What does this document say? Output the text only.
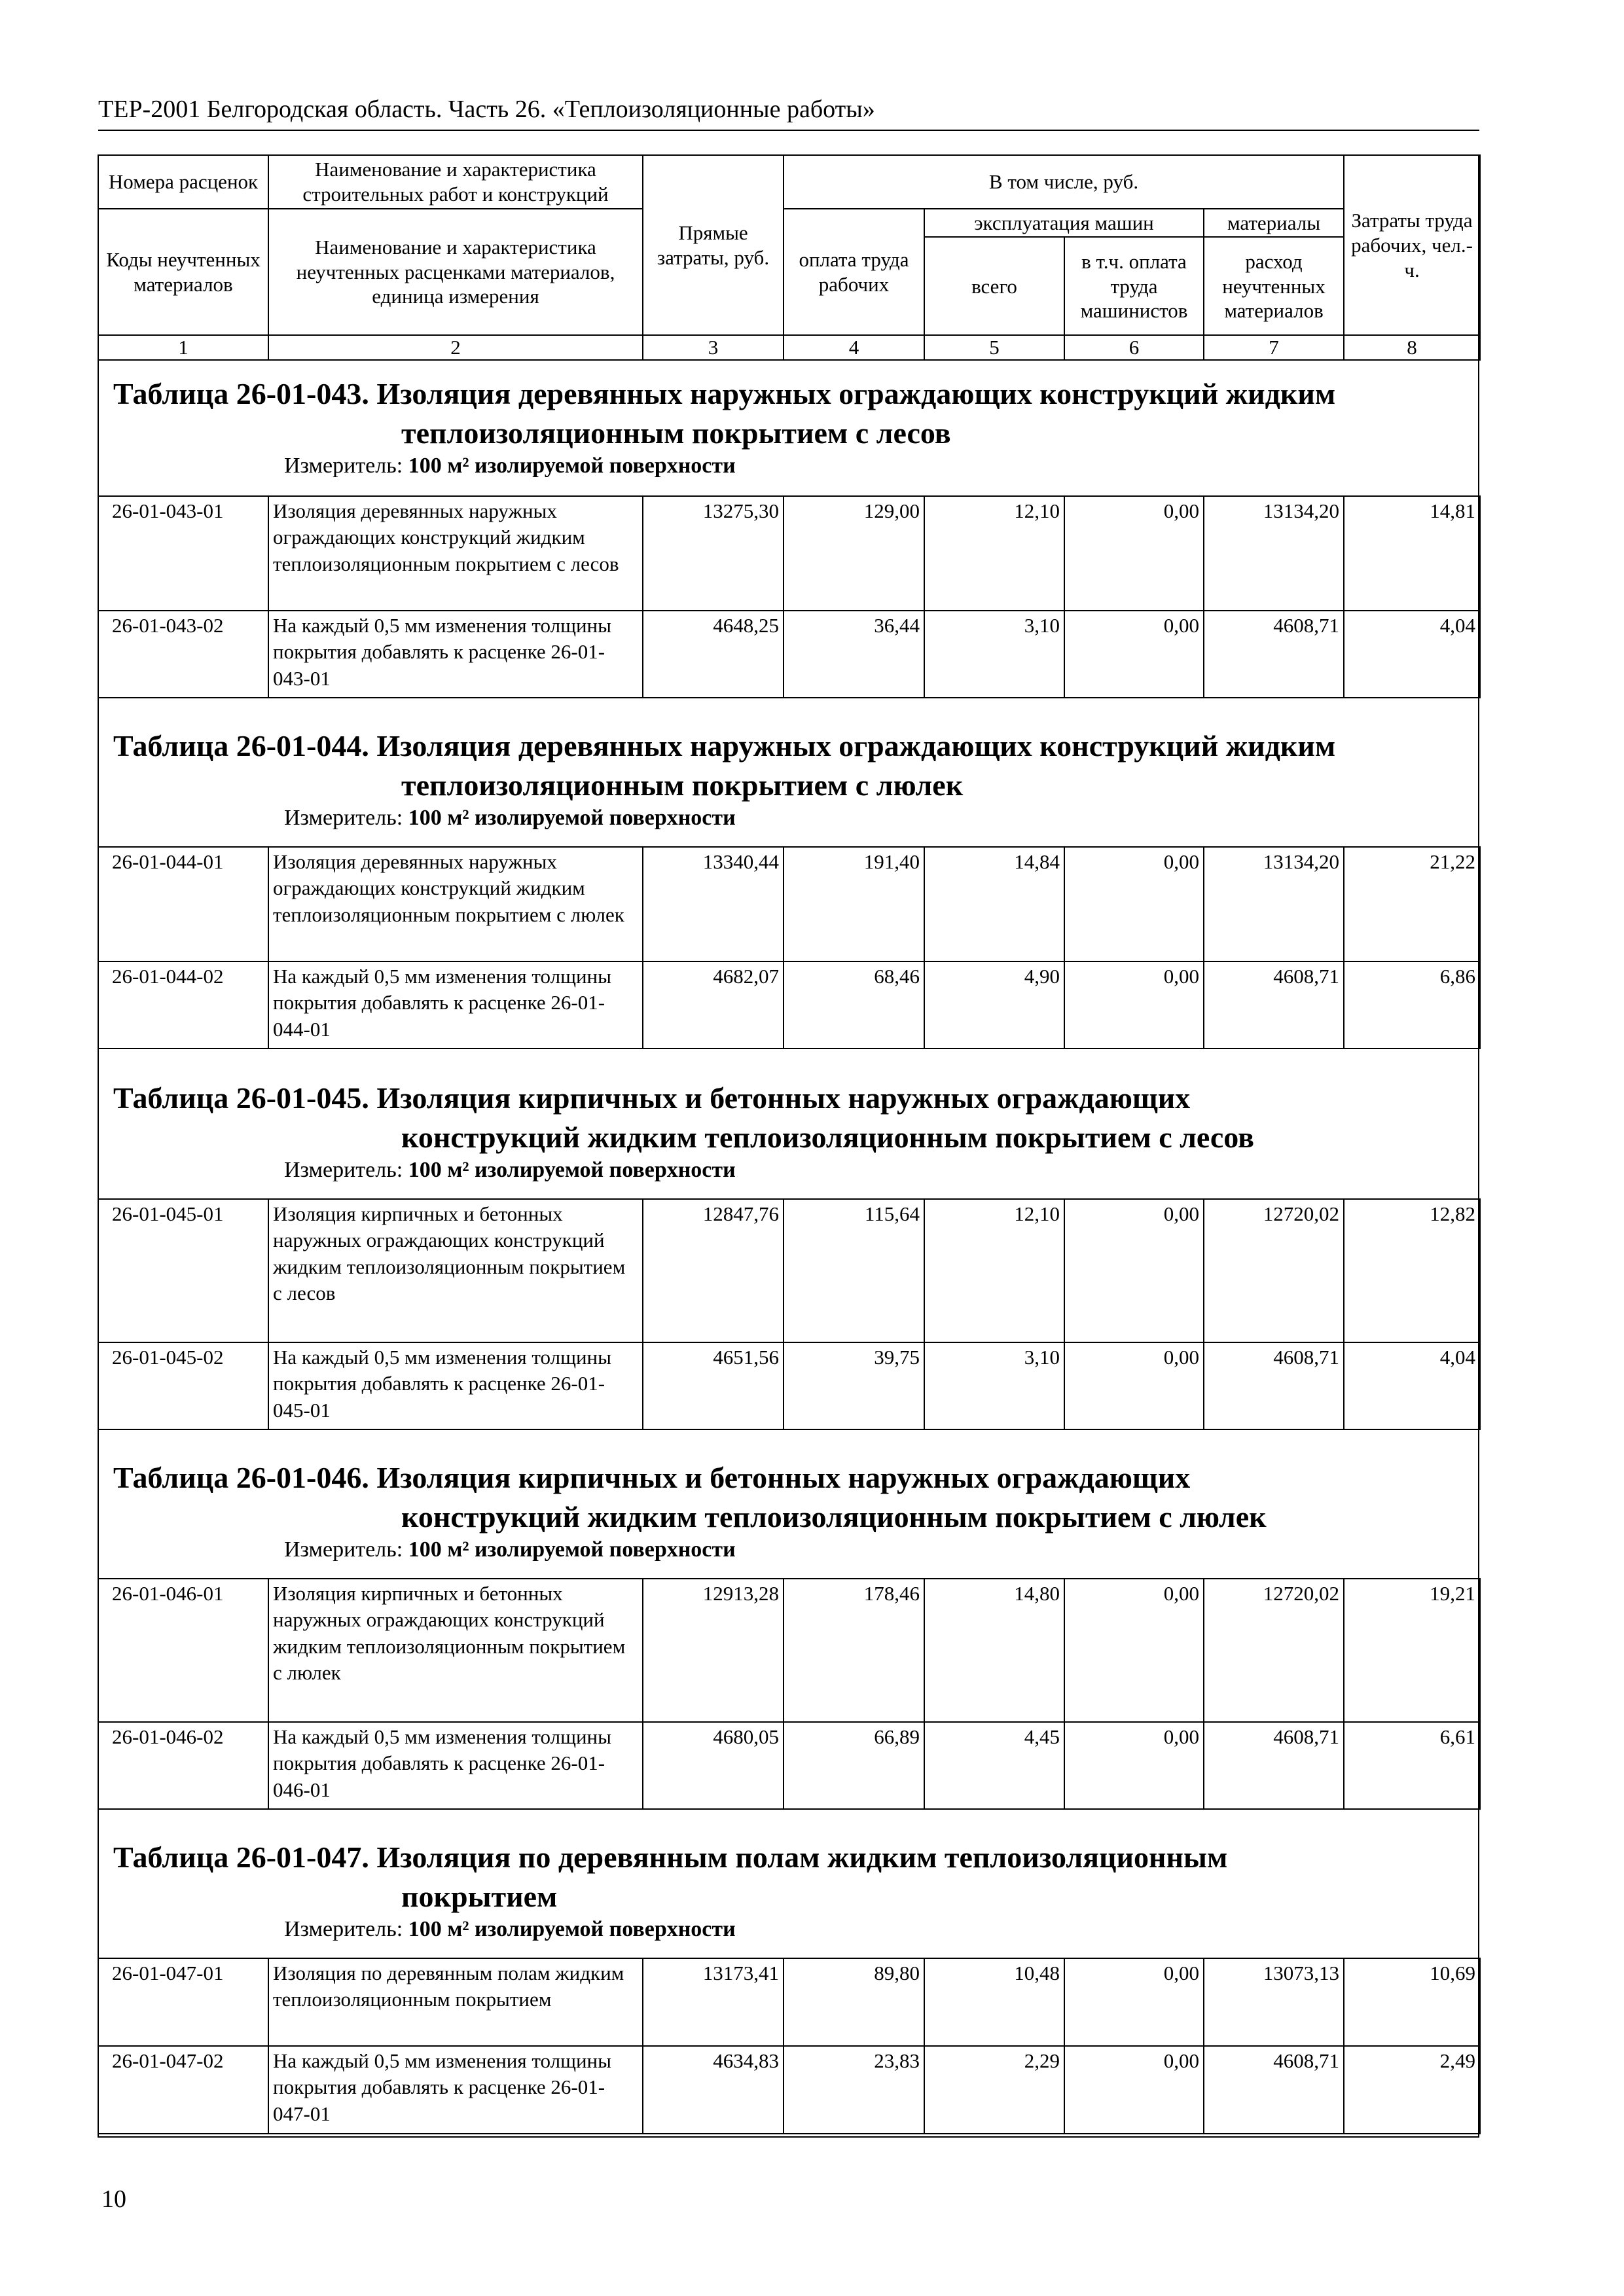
ТЕР-2001 Белгородская область. Часть 26. «Теплоизоляционные работы»
Номера расценок	Наименование и характеристика строительных работ и конструкций	Прямые затраты, руб.	В том числе, руб.				Затраты труда рабочих, чел.-ч.
Коды неучтенных материалов	Наименование и характеристика неучтенных расценками материалов, единица измерения		оплата труда рабочих	эксплуатация машин		материалы	
				всего	в т.ч. оплата труда машинистов	расход неучтенных материалов	
1	2	3	4	5	6	7	8
Таблица 26-01-043. Изоляция деревянных наружных ограждающих конструкций жидким
теплоизоляционным покрытием с лесов
Измеритель: 100 м² изолируемой поверхности
26-01-043-01	Изоляция деревянных наружных ограждающих конструкций жидким теплоизоляционным покрытием с лесов	13275,30	129,00	12,10	0,00	13134,20	14,81
26-01-043-02	На каждый 0,5 мм изменения толщины покрытия добавлять к расценке 26-01-043-01	4648,25	36,44	3,10	0,00	4608,71	4,04
Таблица 26-01-044. Изоляция деревянных наружных ограждающих конструкций жидким
теплоизоляционным покрытием с люлек
Измеритель: 100 м² изолируемой поверхности
26-01-044-01	Изоляция деревянных наружных ограждающих конструкций жидким теплоизоляционным покрытием с люлек	13340,44	191,40	14,84	0,00	13134,20	21,22
26-01-044-02	На каждый 0,5 мм изменения толщины покрытия добавлять к расценке 26-01-044-01	4682,07	68,46	4,90	0,00	4608,71	6,86
Таблица 26-01-045. Изоляция кирпичных и бетонных наружных ограждающих
конструкций жидким теплоизоляционным покрытием с лесов
Измеритель: 100 м² изолируемой поверхности
26-01-045-01	Изоляция кирпичных и бетонных наружных ограждающих конструкций жидким теплоизоляционным покрытием с лесов	12847,76	115,64	12,10	0,00	12720,02	12,82
26-01-045-02	На каждый 0,5 мм изменения толщины покрытия добавлять к расценке 26-01-045-01	4651,56	39,75	3,10	0,00	4608,71	4,04
Таблица 26-01-046. Изоляция кирпичных и бетонных наружных ограждающих
конструкций жидким теплоизоляционным покрытием с люлек
Измеритель: 100 м² изолируемой поверхности
26-01-046-01	Изоляция кирпичных и бетонных наружных ограждающих конструкций жидким теплоизоляционным покрытием с люлек	12913,28	178,46	14,80	0,00	12720,02	19,21
26-01-046-02	На каждый 0,5 мм изменения толщины покрытия добавлять к расценке 26-01-046-01	4680,05	66,89	4,45	0,00	4608,71	6,61
Таблица 26-01-047. Изоляция по деревянным полам жидким теплоизоляционным
покрытием
Измеритель: 100 м² изолируемой поверхности
26-01-047-01	Изоляция по деревянным полам жидким теплоизоляционным покрытием	13173,41	89,80	10,48	0,00	13073,13	10,69
26-01-047-02	На каждый 0,5 мм изменения толщины покрытия добавлять к расценке 26-01-047-01	4634,83	23,83	2,29	0,00	4608,71	2,49
10
